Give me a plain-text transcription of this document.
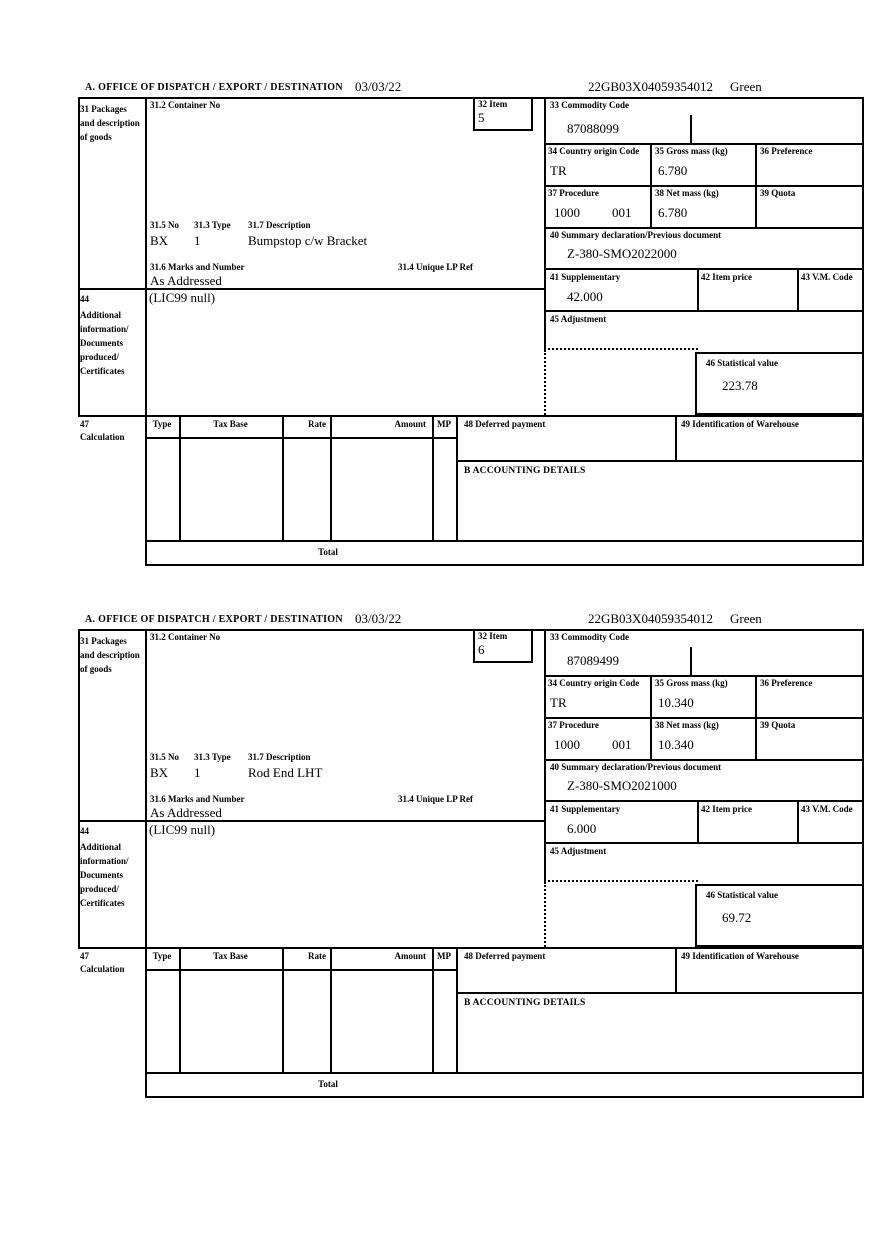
A. OFFICE OF DISPATCH / EXPORT / DESTINATION 03/03/22	22GB03X04059354012 Green
31 Packages and description of goods
31.2 Container No	32 Item
5
33 Commodity Code
87088099
34 Country origin Code
TR
35 Gross mass (kg)
6.780
36 Preference
37 Procedure
1000 001
38 Net mass (kg)
6.780
39 Quota
40 Summary declaration/Previous document
Z-380-SMO2022000
41 Supplementary
42.000
42 Item price	43 V.M. Code
45 Adjustment
31.5 No 31.3 Type 31.7 Description
BX 1	Bumpstop c/w Bracket
31.6 Marks and Number	31.4 Unique LP Ref
As Addressed
44
Additional information/ Documents produced/ Certificates
(LIC99 null)
46 Statistical value
223.78
47
Calculation
Type	Tax Base	Rate	Amount	MP	48 Deferred payment	49 Identification of Warehouse
B ACCOUNTING DETAILS
Total
A. OFFICE OF DISPATCH / EXPORT / DESTINATION 03/03/22	22GB03X04059354012 Green
31 Packages and description of goods
31.2 Container No	32 Item
6
33 Commodity Code
87089499
34 Country origin Code
TR
35 Gross mass (kg)
10.340
36 Preference
37 Procedure
1000 001
38 Net mass (kg)
10.340
39 Quota
40 Summary declaration/Previous document
Z-380-SMO2021000
41 Supplementary
6.000
42 Item price	43 V.M. Code
45 Adjustment
31.5 No 31.3 Type 31.7 Description
BX 1	Rod End LHT
31.6 Marks and Number	31.4 Unique LP Ref
As Addressed
44
Additional information/ Documents produced/ Certificates
(LIC99 null)
46 Statistical value
69.72
47
Calculation
Type	Tax Base	Rate	Amount	MP	48 Deferred payment	49 Identification of Warehouse
B ACCOUNTING DETAILS
Total
